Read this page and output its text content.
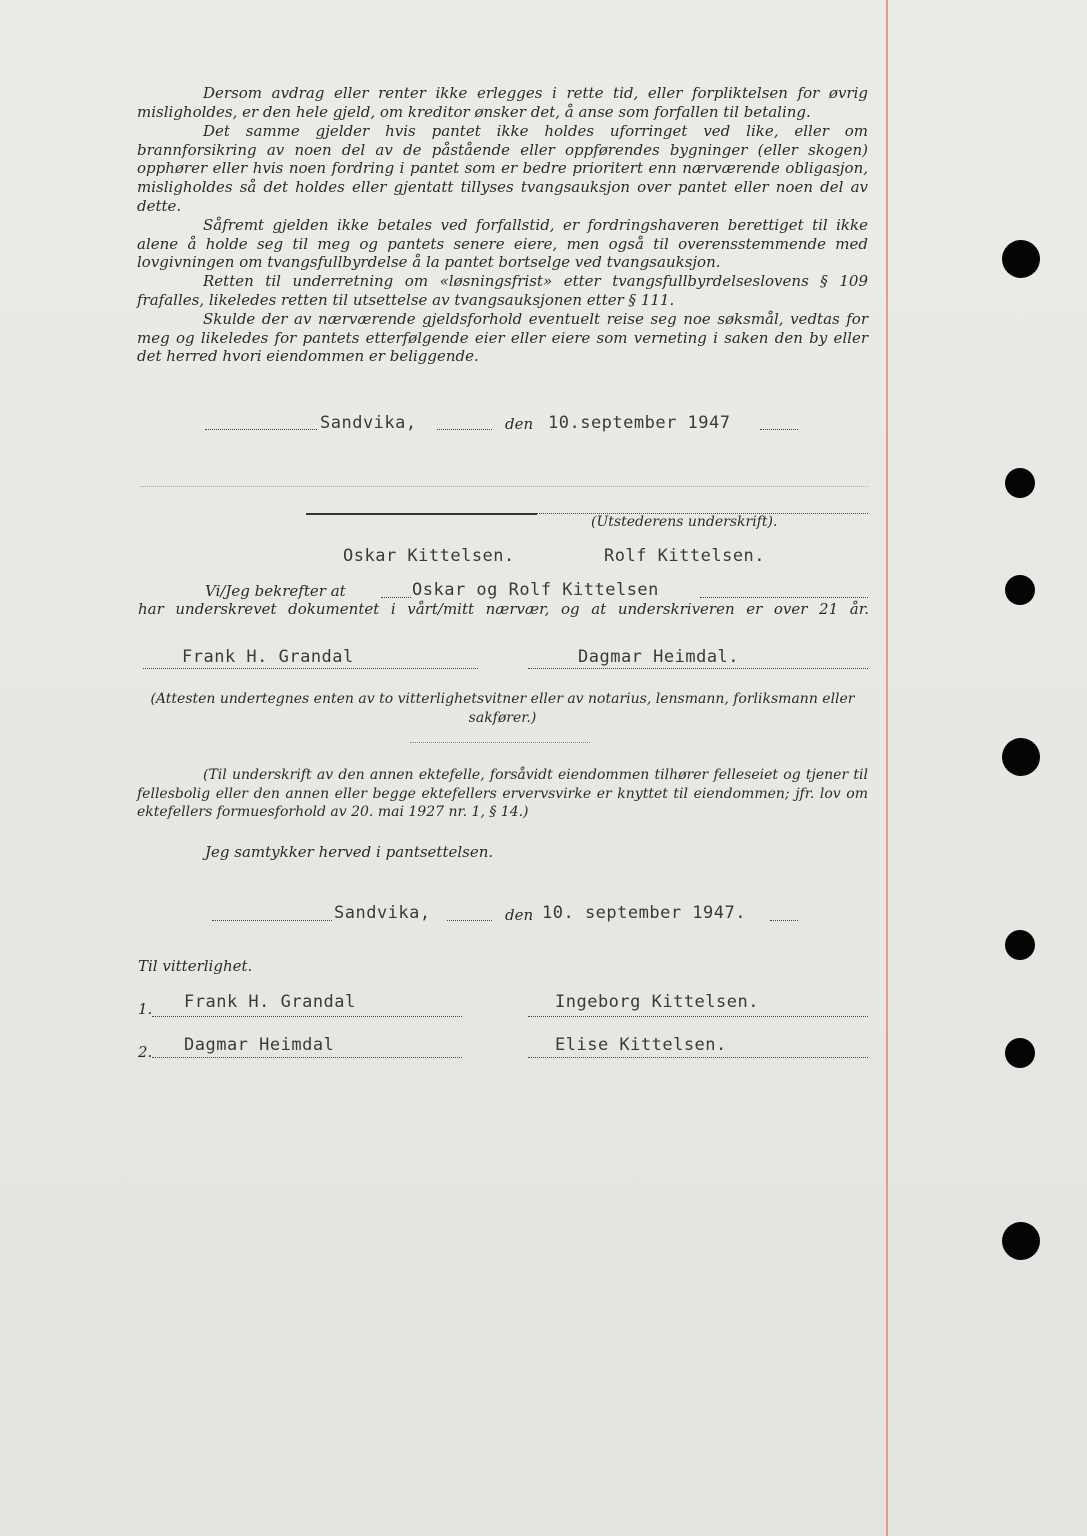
Dersom avdrag eller renter ikke erlegges i rette tid, eller forpliktelsen for øvrig misligholdes, er den hele gjeld, om kreditor ønsker det, å anse som forfallen til betaling.

Det samme gjelder hvis pantet ikke holdes uforringet ved like, eller om brannforsikring av noen del av de påstående eller oppførendes bygninger (eller skogen) opphører eller hvis noen fordring i pantet som er bedre prioritert enn nærværende obligasjon, misligholdes så det holdes eller gjentatt tillyses tvangsauksjon over pantet eller noen del av dette.

Såfremt gjelden ikke betales ved forfallstid, er fordringshaveren berettiget til ikke alene å holde seg til meg og pantets senere eiere, men også til overensstemmende med lovgivningen om tvangsfullbyrdelse å la pantet bortselge ved tvangsauksjon.

Retten til underretning om «løsningsfrist» etter tvangsfullbyrdelseslovens § 109 frafalles, likeledes retten til utsettelse av tvangsauksjonen etter § 111.

Skulde der av nærværende gjeldsforhold eventuelt reise seg noe søksmål, vedtas for meg og likeledes for pantets etterfølgende eier eller eiere som verneting i saken den by eller det herred hvori eiendommen er beliggende.

Sandvika,	den 10.september 1947
(Utstederens underskrift).
Oskar Kittelsen.	Rolf Kittelsen.
Vi/Jeg bekrefter at	Oskar og Rolf Kittelsen
har underskrevet dokumentet i vårt/mitt nærvær, og at underskriveren er over 21 år.
Frank H. Grandal	Dagmar Heimdal.

(Attesten undertegnes enten av to vitterlighetsvitner eller av notarius, lensmann, forliksmann eller sakfører.)

(Til underskrift av den annen ektefelle, forsåvidt eiendommen tilhører felleseiet og tjener til fellesbolig eller den annen eller begge ektefellers ervervsvirke er knyttet til eiendommen; jfr. lov om ektefellers formuesforhold av 20. mai 1927 nr. 1, § 14.)

Jeg samtykker herved i pantsettelsen.
Sandvika,	den 10. september 1947.
Til vitterlighet.
1. Frank H. Grandal	Ingeborg Kittelsen.
2. Dagmar Heimdal	Elise Kittelsen.
